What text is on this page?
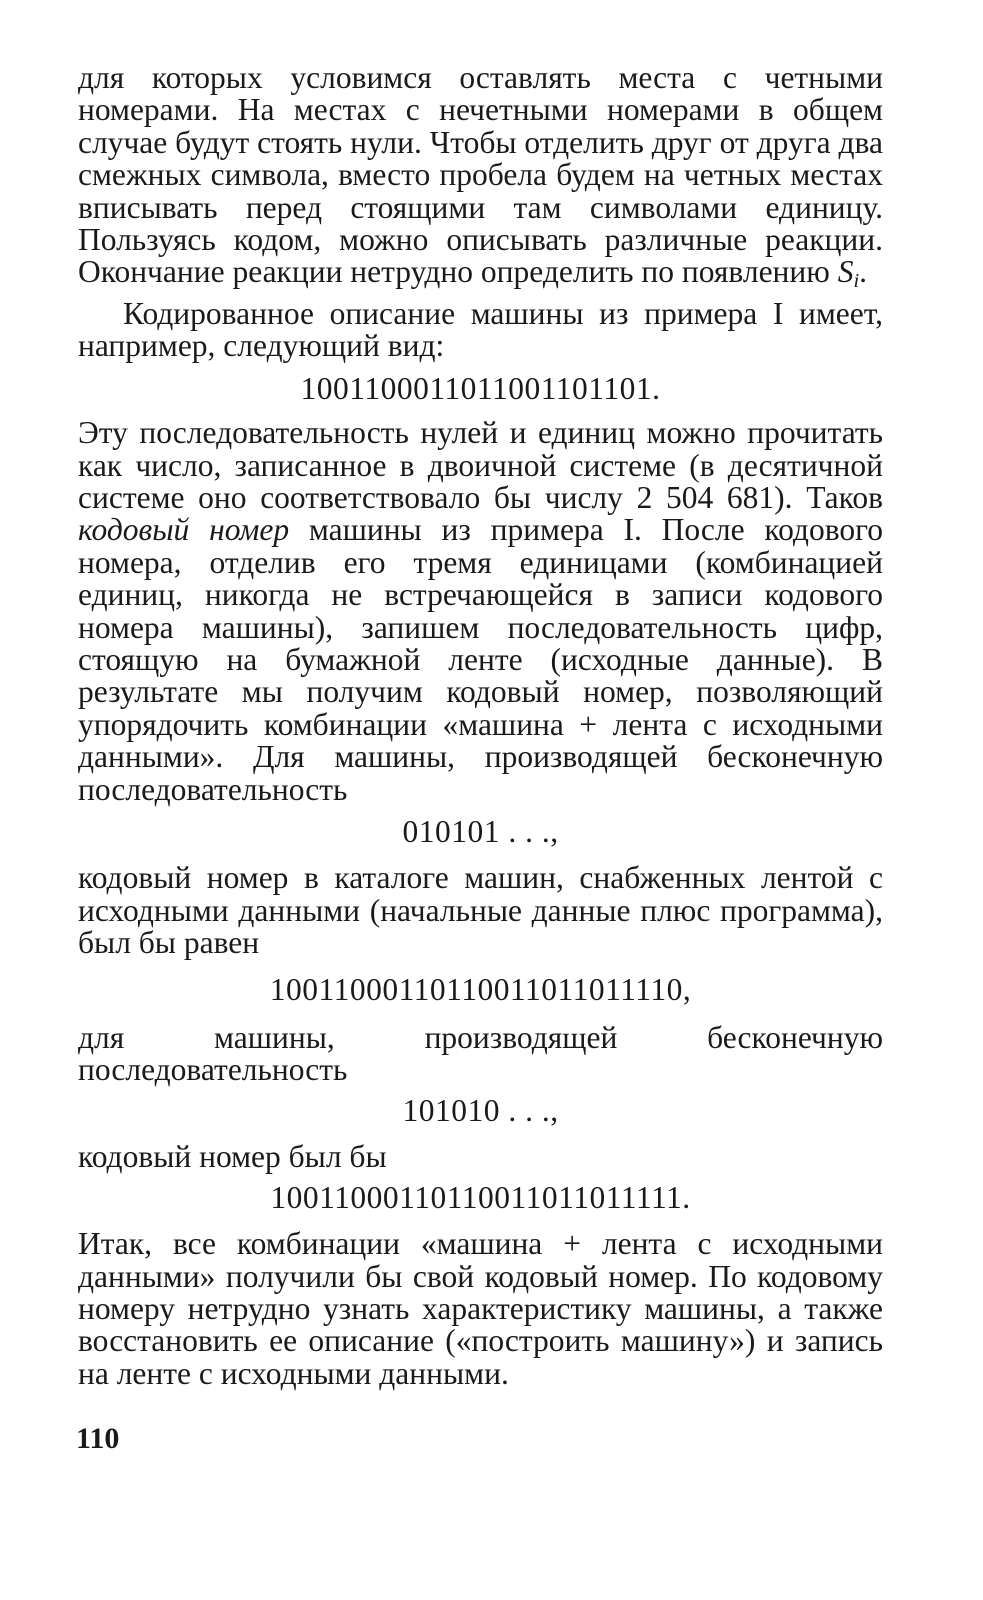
для которых условимся оставлять места с четными номерами. На местах с нечетными номерами в общем случае будут стоять нули. Чтобы отделить друг от друга два смежных символа, вместо пробела будем на четных местах вписывать перед стоящими там символами единицу. Пользуясь кодом, можно описывать различные реакции. Окончание реакции нетрудно определить по появлению $S_i$.

Кодированное описание машины из примера I имеет, например, следующий вид:

1001100011011001101101.

Эту последовательность нулей и единиц можно прочитать как число, записанное в двоичной системе (в десятичной системе оно соответствовало бы числу 2 504 681). Таков кодовый номер машины из примера I. После кодового номера, отделив его тремя единицами (комбинацией единиц, никогда не встречающейся в записи кодового номера машины), запишем последовательность цифр, стоящую на бумажной ленте (исходные данные). В результате мы получим кодовый номер, позволяющий упорядочить комбинации «машина + лента с исходными данными». Для машины, производящей бесконечную последовательность

010101 . . .,

кодовый номер в каталоге машин, снабженных лентой с исходными данными (начальные данные плюс программа), был бы равен

10011000110110011011011110,

для машины, производящей бесконечную последовательность

101010 . . .,

кодовый номер был бы

10011000110110011011011111.

Итак, все комбинации «машина + лента с исходными данными» получили бы свой кодовый номер. По кодовому номеру нетрудно узнать характеристику машины, а также восстановить ее описание («построить машину») и запись на ленте с исходными данными.

110
